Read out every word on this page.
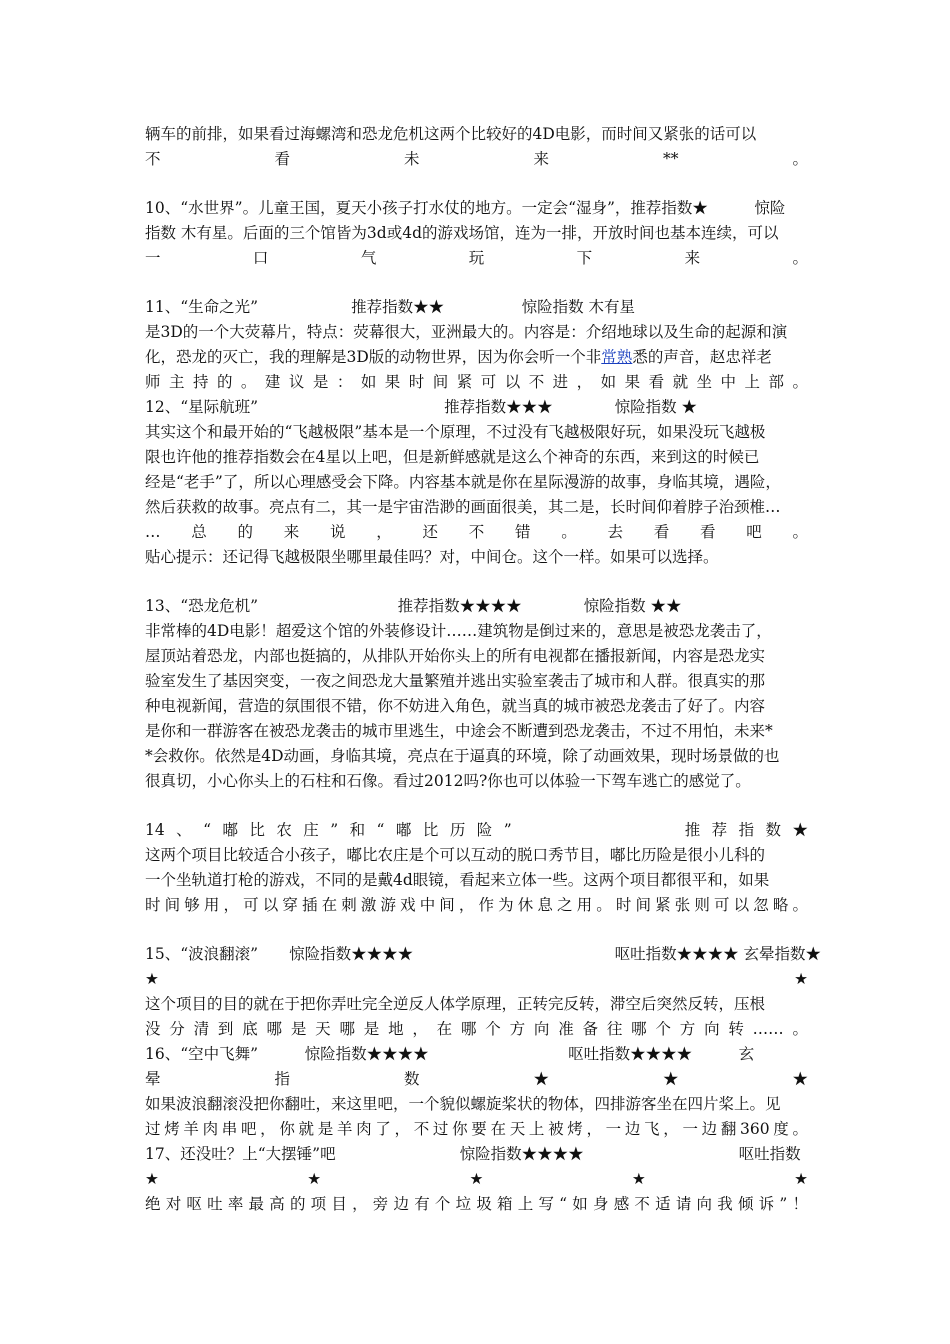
辆车的前排，如果看过海螺湾和恐龙危机这两个比较好的4D电影，而时间又紧张的话可以
不看未来**。
10、“水世界”。儿童王国，夏天小孩子打水仗的地方。一定会“湿身”，推荐指数★　　　惊险
指数 木有星。后面的三个馆皆为3d或4d的游戏场馆，连为一排，开放时间也基本连续，可以
一口气玩下来。
11、“生命之光”　　　　　　推荐指数★★　　　　　惊险指数 木有星
是3D的一个大荧幕片，特点：荧幕很大，亚洲最大的。内容是：介绍地球以及生命的起源和演
化，恐龙的灭亡，我的理解是3D版的动物世界，因为你会听一个非常熟悉的声音，赵忠祥老
师主持的。建议是：如果时间紧可以不进，如果看就坐中上部。
12、“星际航班”　　　　　　　　　　　　推荐指数★★★　　　　惊险指数 ★
其实这个和最开始的“飞越极限”基本是一个原理，不过没有飞越极限好玩，如果没玩飞越极
限也许他的推荐指数会在4星以上吧，但是新鲜感就是这么个神奇的东西，来到这的时候已
经是“老手”了，所以心理感受会下降。内容基本就是你在星际漫游的故事，身临其境，遇险，
然后获救的故事。亮点有二，其一是宇宙浩渺的画面很美，其二是，长时间仰着脖子治颈椎…
…总的来说，还不错。去看看吧。
贴心提示：还记得飞越极限坐哪里最佳吗？对，中间仓。这个一样。如果可以选择。
13、“恐龙危机”　　　　　　　　　推荐指数★★★★　　　　惊险指数 ★★
非常棒的4D电影！超爱这个馆的外装修设计……建筑物是倒过来的，意思是被恐龙袭击了，
屋顶站着恐龙，内部也挺搞的，从排队开始你头上的所有电视都在播报新闻，内容是恐龙实
验室发生了基因突变，一夜之间恐龙大量繁殖并逃出实验室袭击了城市和人群。很真实的那
种电视新闻，营造的氛围很不错，你不妨进入角色，就当真的城市被恐龙袭击了好了。内容
是你和一群游客在被恐龙袭击的城市里逃生，中途会不断遭到恐龙袭击，不过不用怕，未来*
*会救你。依然是4D动画，身临其境，亮点在于逼真的环境，除了动画效果，现时场景做的也
很真切，小心你头上的石柱和石像。看过2012吗?你也可以体验一下驾车逃亡的感觉了。
14、“嘟比农庄”和“嘟比历险”　　　　　　推荐指数★
这两个项目比较适合小孩子，嘟比农庄是个可以互动的脱口秀节目，嘟比历险是很小儿科的
一个坐轨道打枪的游戏，不同的是戴4d眼镜，看起来立体一些。这两个项目都很平和，如果
时间够用，可以穿插在刺激游戏中间，作为休息之用。时间紧张则可以忽略。
15、“波浪翻滚”　　惊险指数★★★★　　　　　　　　　　　　　呕吐指数★★★★ 玄晕指数★
★★
这个项目的目的就在于把你弄吐完全逆反人体学原理，正转完反转，滞空后突然反转，压根
没分清到底哪是天哪是地，在哪个方向准备往哪个方向转……。
16、“空中飞舞”　　　惊险指数★★★★　　　　　　　　　呕吐指数★★★★　　　玄
晕指数★★★
如果波浪翻滚没把你翻吐，来这里吧，一个貌似螺旋桨状的物体，四排游客坐在四片桨上。见
过烤羊肉串吧，你就是羊肉了，不过你要在天上被烤，一边飞，一边翻360度。
17、还没吐？上“大摆锤”吧　　　　　　　　惊险指数★★★★　　　　　　　　　　呕吐指数
★★★★★
绝对呕吐率最高的项目，旁边有个垃圾箱上写“如身感不适请向我倾诉”！
